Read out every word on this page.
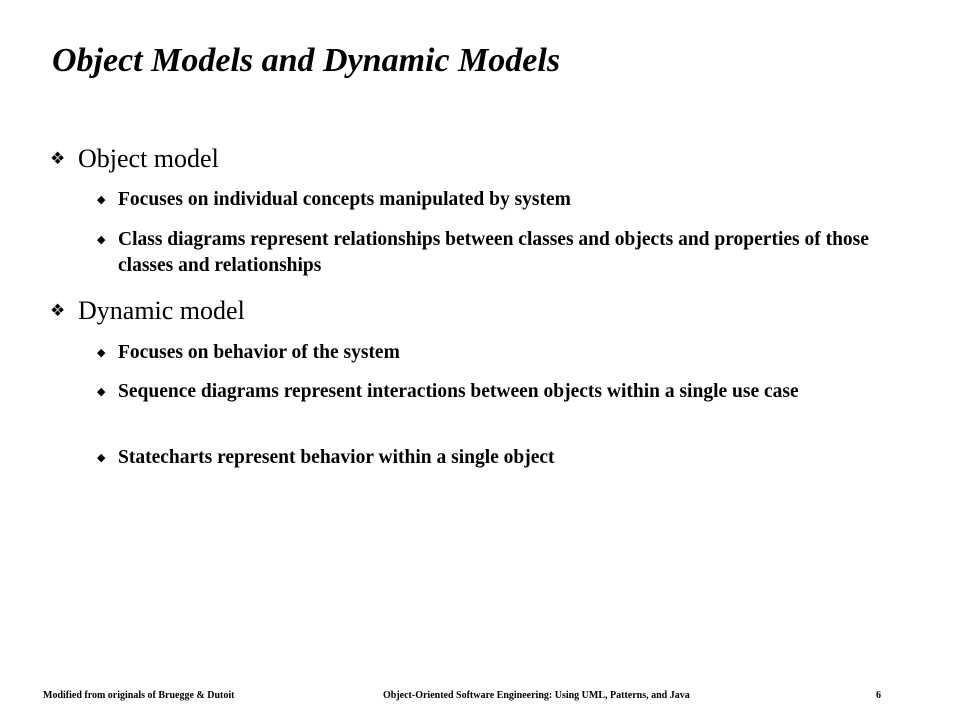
Object Models and Dynamic Models
❖ Object model
◆ Focuses on individual concepts manipulated by system
◆ Class diagrams represent relationships between classes and objects and properties of those classes and relationships
❖ Dynamic model
◆ Focuses on behavior of the system
◆ Sequence diagrams represent interactions between objects within a single use case
◆ Statecharts represent behavior within a single object
Modified from originals of Bruegge & Dutoit	Object-Oriented Software Engineering: Using UML, Patterns, and Java	6
